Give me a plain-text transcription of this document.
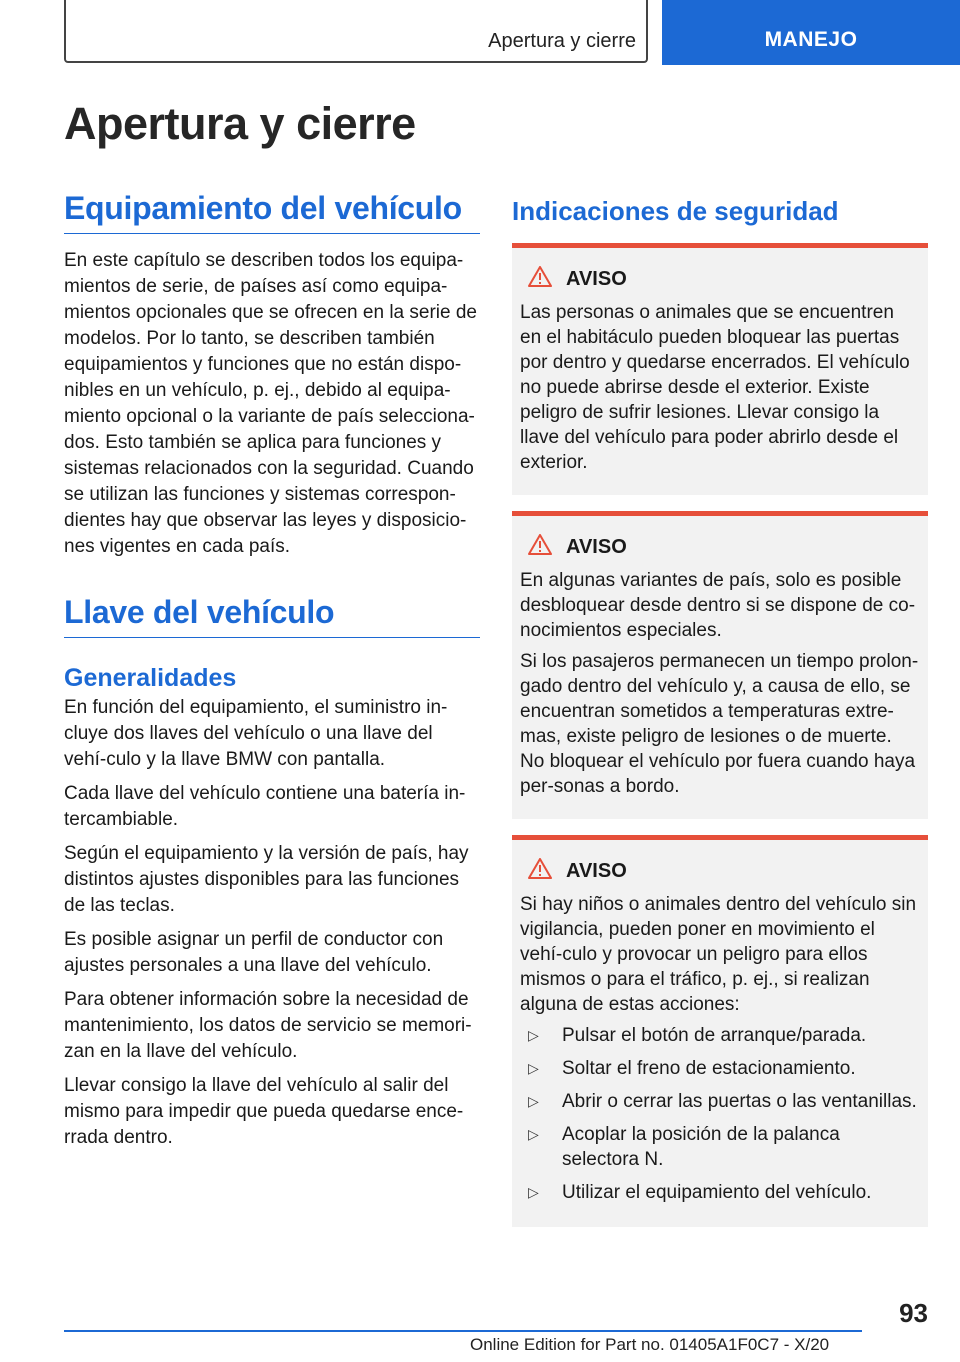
Apertura y cierre	MANEJO
Apertura y cierre
Equipamiento del vehículo

En este capítulo se describen todos los equipa‐mientos de serie, de países así como equipa‐mientos opcionales que se ofrecen en la serie de modelos. Por lo tanto, se describen también equipamientos y funciones que no están dispo‐nibles en un vehículo, p. ej., debido al equipa‐miento opcional o la variante de país selecciona‐dos. Esto también se aplica para funciones y sistemas relacionados con la seguridad. Cuando se utilizan las funciones y sistemas correspon‐dientes hay que observar las leyes y disposicio‐nes vigentes en cada país.

Llave del vehículo
Generalidades

En función del equipamiento, el suministro in‐cluye dos llaves del vehículo o una llave del vehí‐culo y la llave BMW con pantalla.

Cada llave del vehículo contiene una batería in‐tercambiable.

Según el equipamiento y la versión de país, hay distintos ajustes disponibles para las funciones de las teclas.

Es posible asignar un perfil de conductor con ajustes personales a una llave del vehículo.

Para obtener información sobre la necesidad de mantenimiento, los datos de servicio se memori‐zan en la llave del vehículo.

Llevar consigo la llave del vehículo al salir del mismo para impedir que pueda quedarse ence‐rrada dentro.

Indicaciones de seguridad
AVISO

Las personas o animales que se encuentren en el habitáculo pueden bloquear las puertas por dentro y quedarse encerrados. El vehículo no puede abrirse desde el exterior. Existe peligro de sufrir lesiones. Llevar consigo la llave del vehículo para poder abrirlo desde el exterior.

AVISO

En algunas variantes de país, solo es posible desbloquear desde dentro si se dispone de co‐nocimientos especiales.

Si los pasajeros permanecen un tiempo prolon‐gado dentro del vehículo y, a causa de ello, se encuentran sometidos a temperaturas extre‐mas, existe peligro de lesiones o de muerte. No bloquear el vehículo por fuera cuando haya per‐sonas a bordo.

AVISO

Si hay niños o animales dentro del vehículo sin vigilancia, pueden poner en movimiento el vehí‐culo y provocar un peligro para ellos mismos o para el tráfico, p. ej., si realizan alguna de estas acciones:

▷	Pulsar el botón de arranque/parada.
▷	Soltar el freno de estacionamiento.
▷	Abrir o cerrar las puertas o las ventanillas.
▷	Acoplar la posición de la palanca selectora N.
▷	Utilizar el equipamiento del vehículo.
93
Online Edition for Part no. 01405A1F0C7 - X/20
